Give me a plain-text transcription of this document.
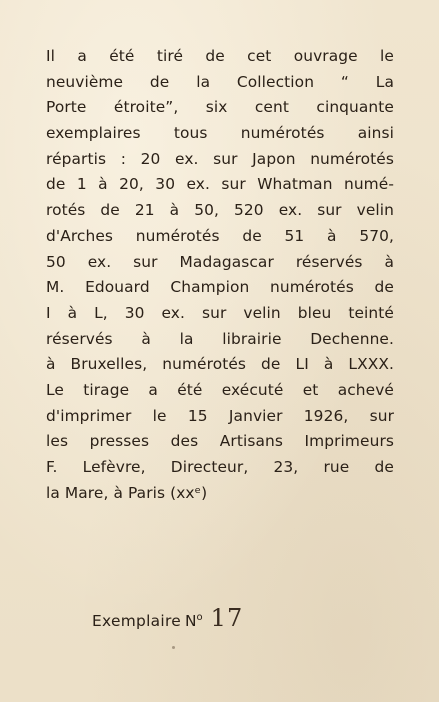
Il a été tiré de cet ouvrage le
neuvième de la Collection “ La
Porte étroite”, six cent cinquante
exemplaires tous numérotés ainsi
répartis : 20 ex. sur Japon numérotés
de 1 à 20, 30 ex. sur Whatman numé-
rotés de 21 à 50, 520 ex. sur velin
d'Arches numérotés de 51 à 570,
50 ex. sur Madagascar réservés à
M. Edouard Champion numérotés de
I à L, 30 ex. sur velin bleu teinté
réservés à la librairie Dechenne.
à Bruxelles, numérotés de LI à LXXX.
Le tirage a été exécuté et achevé
d'imprimer le 15 Janvier 1926, sur
les presses des Artisans Imprimeurs
F. Lefèvre, Directeur, 23, rue de
la Mare, à Paris (xxᵉ)
Exemplaire $N^o$ 17
